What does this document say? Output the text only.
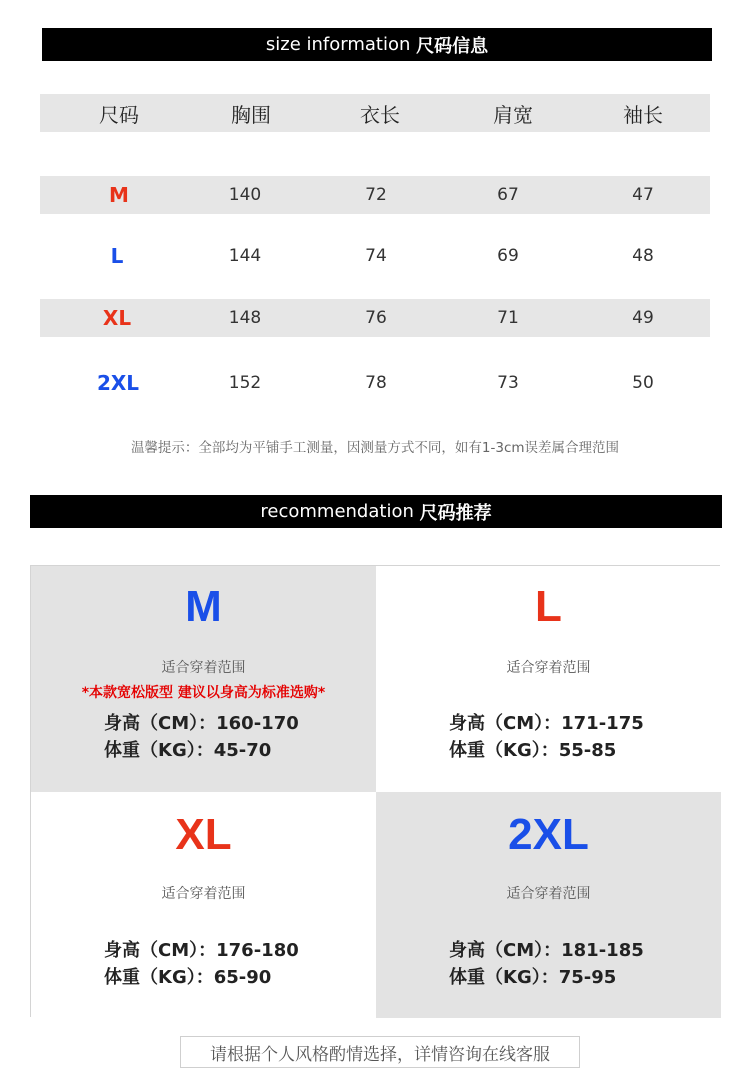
size information 尺码信息
尺码	胸围	衣长	肩宽	袖长
M	140	72	67	47
L	144	74	69	48
XL	148	76	71	49
2XL	152	78	73	50
温馨提示：全部均为平铺手工测量，因测量方式不同，如有1-3cm误差属合理范围
recommendation 尺码推荐
M
适合穿着范围
*本款宽松版型 建议以身高为标准选购*
身高（CM）：160-170
体重（KG）：45-70
L
适合穿着范围
身高（CM）：171-175
体重（KG）：55-85
XL
适合穿着范围
身高（CM）：176-180
体重（KG）：65-90
2XL
适合穿着范围
身高（CM）：181-185
体重（KG）：75-95
请根据个人风格酌情选择，详情咨询在线客服
